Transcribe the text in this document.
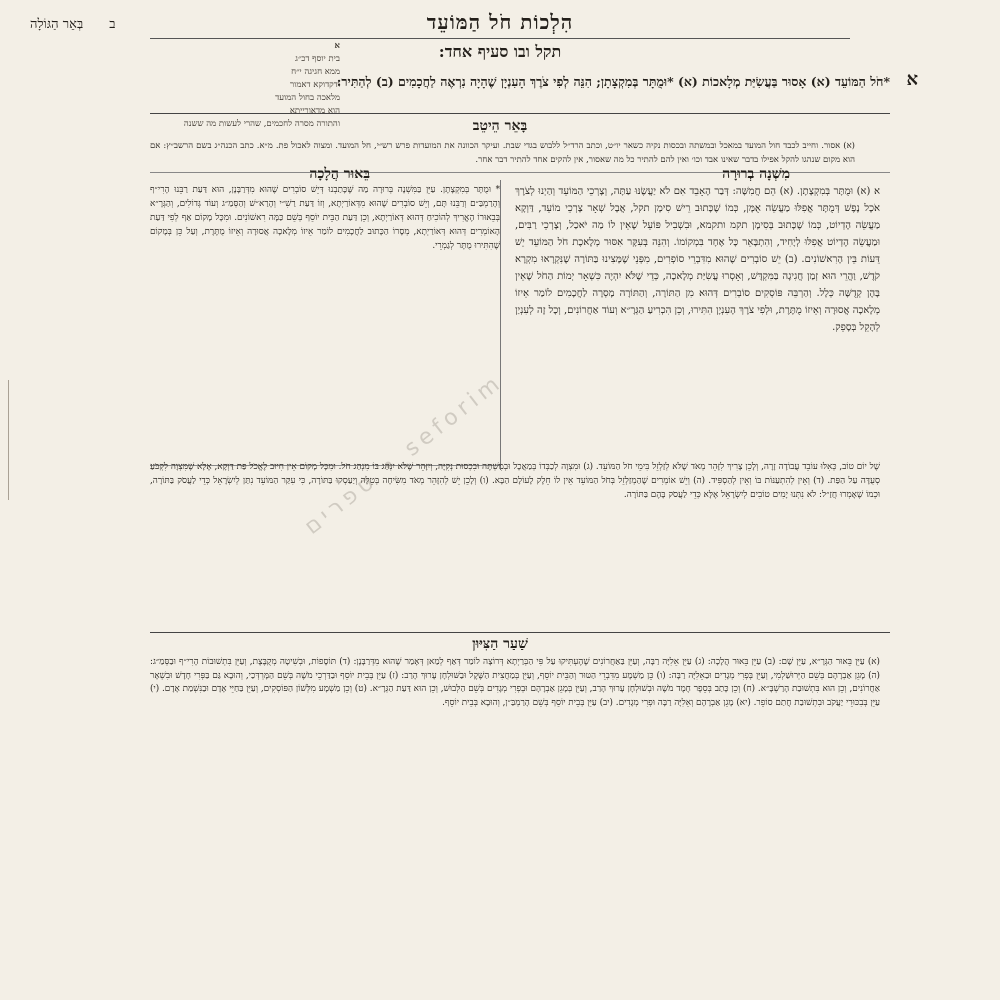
הִלְכוֹת חֹל הַמּוֹעֵד
ב
בְּאֵר הַגּוֹלָה
תקל ובו סעיף אחד:
א
בית יוסף דכ״ג
ממא חגיגה י״ח
ודקדוקא דאמור
מלאכה בחול המועד
הוא מדאורייתא
והתורה מסרה לחכמים, שהרי לעשות מה ששנה
א
*חֹל הַמּוֹעֵד (א) אָסוּר בַּעֲשִׂיַּת מְלָאכוֹת (א) *וּמֻתָּר בְּמִקְצָתָן; הִנֵּה לְפִי צֹרֶךְ הָעִנְיָן שֶׁהָיָה נִרְאֶה לַחֲכָמִים (ב) לְהַתִּיר:
בָּאֵר הֵיטֵב
(א) אסור. וחייב לכבד חול המועד במאכל ובמשתה ובכסות נקיה כשאר יו״ט, וכתב הרד״ל ללבוש בגדי שבת. ועיקר הכוונה את המועדות פרש רש״י, חל המועד. ומצוה לאכול פת. מ״א. כתב הכנה״ג בשם הרשב״ץ: אם הוא מקום שנהגו להקל אפילו בדבר שאינו אבד וכו׳ ואין להם להתיר כל מה שאסור, אין להקים אחד להתיר דבר אחר.
מִשְׁנָה בְרוּרָה
בֵּאוּר הֲלָכָה
א (א) וּמֻתָּר בְּמִקְצָתָן. (א) הֵם חֲמִשָּׁה: דְּבַר הָאָבֵד אִם לֹא יַעֲשֶׂנּוּ עַתָּה, וְצָרְכֵי הַמּוֹעֵד וְהַיְנוּ לְצֹרֶךְ אֹכֶל נֶפֶשׁ דְּמֻתָּר אֲפִלּוּ מַעֲשֵׂה אֻמָּן, כְּמוֹ שֶׁכָּתוּב רֵישׁ סִימָן תקל, אֲבָל שְׁאָר צָרְכֵי מוֹעֵד, דַּוְקָא מַעֲשֵׂה הֶדְיוֹט, כְּמוֹ שֶׁכָּתוּב בְּסִימָן תקמ ותקמא, וּבִשְׁבִיל פּוֹעֵל שֶׁאֵין לוֹ מַה יֹּאכַל, וְצָרְכֵי רַבִּים, וּמַעֲשֵׂה הֶדְיוֹט אֲפִלּוּ לְיָחִיד, וְהִתְבָּאֵר כָּל אֶחָד בִּמְקוֹמוֹ. וְהִנֵּה בְּעִקָּר אִסּוּר מְלֶאכֶת חֹל הַמּוֹעֵד יֵשׁ דֵּעוֹת בֵּין הָרִאשׁוֹנִים. (ב) יֵשׁ סוֹבְרִים שֶׁהוּא מִדִּבְרֵי סוֹפְרִים, מִפְּנֵי שֶׁמָּצִינוּ בַּתּוֹרָה שֶׁנִּקְרָאוּ מִקְרָא קֹדֶשׁ, וַהֲרֵי הוּא זְמַן חֲגִיגָה בַּמִּקְדָּשׁ, וְאָסְרוּ עֲשִׂיַּת מְלָאכָה, כְּדֵי שֶׁלֹּא יִהְיֶה כִּשְׁאָר יְמוֹת הַחֹל שֶׁאֵין בָּהֶן קְדֻשָּׁה כְּלָל. וְהַרְבֵּה פּוֹסְקִים סוֹבְרִים דְּהוּא מִן הַתּוֹרָה, וְהַתּוֹרָה מָסְרָה לַחֲכָמִים לוֹמַר אֵיזוֹ מְלָאכָה אֲסוּרָה וְאֵיזוֹ מֻתֶּרֶת, וּלְפִי צֹרֶךְ הָעִנְיָן הִתִּירוּ, וְכֵן הִכְרִיעַ הַגְּרָ״א וְעוֹד אַחֲרוֹנִים, וְכָל זֶה לְעִנְיַן לְהָקֵל בְּסָפֵק.
* וּמֻתָּר בְּמִקְצָתָן. עַיֵּן בַּמִּשְׁנָה בְּרוּרָה מַה שֶּׁכָּתַבְנוּ דְּיֵשׁ סוֹבְרִים שֶׁהוּא מִדְּרַבָּנָן, הוּא דַּעַת רַבֵּנוּ הָרִי״ף וְהָרַמְבַּ״ם וְרַבֵּנוּ תָּם, וְיֵשׁ סוֹבְרִים שֶׁהוּא מִדְּאוֹרַיְתָא, וְזוֹ דַּעַת רַשִׁ״י וְהָרַא״שׁ וְהַסְּמַ״ג וְעוֹד גְּדוֹלִים, וְהַגְּרָ״א בְּבֵאוּרוֹ הֶאֱרִיךְ לְהוֹכִיחַ דְּהוּא דְּאוֹרַיְתָא, וְכֵן דַּעַת הַבֵּית יוֹסֵף בְּשֵׁם כַּמָּה רִאשׁוֹנִים. וּמִכָּל מָקוֹם אַף לְפִי דַּעַת הָאוֹמְרִים דְּהוּא דְּאוֹרַיְתָא, מְסָרוֹ הַכָּתוּב לַחֲכָמִים לוֹמַר אֵיזוֹ מְלָאכָה אֲסוּרָה וְאֵיזוֹ מֻתֶּרֶת, וְעַל כֵּן בְּמָקוֹם שֶׁהִתִּירוּ מֻתָּר לְגַמְרֵי.
שֶׁל יוֹם טוֹב, כְּאִלּוּ עוֹבֵד עֲבוֹדָה זָרָה, וְלָכֵן צָרִיךְ לִזָּהֵר מְאֹד שֶׁלֹּא לְזַלְזֵל בִּימֵי חֹל הַמּוֹעֵד. (ג) וּמִצְוָה לְכַבְּדוֹ בְּמַאֲכָל וּבְמִשְׁתֶּה וּבִכְסוּת נְקִיָּה, וְיִזָּהֵר שֶׁלֹּא יִנְהַג בּוֹ מִנְהַג חֹל. וּמִכָּל מָקוֹם אֵין חִיּוּב לֶאֱכֹל פַּת דַּוְקָא, אֶלָּא שֶׁמִּצְוָה לִקְבֹּעַ סְעֻדָּה עַל הַפַּת. (ד) וְאֵין לְהִתְעַנּוֹת בּוֹ וְאֵין לְהַסְפִּיד. (ה) וְיֵשׁ אוֹמְרִים שֶׁהַמְזַלְזֵל בְּחֹל הַמּוֹעֵד אֵין לוֹ חֵלֶק לָעוֹלָם הַבָּא. (ו) וְלָכֵן יֵשׁ לְהִזָּהֵר מְאֹד מִשִּׂיחָה בְּטֵלָה וְיַעַסְקוּ בַּתּוֹרָה, כִּי עִקַּר הַמּוֹעֵד נִתַּן לְיִשְׂרָאֵל כְּדֵי לַעֲסֹק בַּתּוֹרָה, וּכְמוֹ שֶׁאָמְרוּ חֲזַ״ל: לֹא נִתְּנוּ יָמִים טוֹבִים לְיִשְׂרָאֵל אֶלָּא כְּדֵי לַעֲסֹק בָּהֶם בַּתּוֹרָה.
שַׁעַר הַצִּיּוּן
(א) עַיֵּן בֵּאוּר הַגְּרָ״א, עַיֵּן שָׁם: (ב) עַיֵּן בֵּאוּר הֲלָכָה: (ג) עַיֵּן אֵלִיָּה רַבָּה, וְעַיֵּן בַּאַחֲרוֹנִים שֶׁהֶעְתִּיקוּ עַל פִּי הַבְּרַיְתָא דְּרוֹצָה לוֹמַר דְּאַף לְמַאן דְּאָמַר שֶׁהוּא מִדְּרַבָּנָן: (ד) תּוֹסָפוֹת, וּבְשִׁיטָה מְקֻבֶּצֶת, וְעַיֵּן בִּתְשׁוּבוֹת הָרִי״ף וּבַסְּמַ״ג: (ה) מָגֵן אַבְרָהָם בְּשֵׁם הַיְּרוּשַׁלְמִי, וְעַיֵּן בְּפְרִי מְגָדִים וּבַאֵלִיָּה רַבָּה: (ו) כֵּן מַשְׁמָע מִדִּבְרֵי הַטּוּר וְהַבֵּית יוֹסֵף, וְעַיֵּן בְּמַחֲצִית הַשֶּׁקֶל וּבַשּׁוּלְחָן עָרוּךְ הָרַב: (ז) עַיֵּן בְּבֵית יוֹסֵף וּבַדַּרְכֵי מֹשֶׁה בְּשֵׁם הַמָּרְדְּכַי, וְהוּבָא גַּם בַּפְּרִי חָדָשׁ וּבִשְׁאָר אַחֲרוֹנִים, וְכֵן הוּא בִּתְשׁוּבַת הָרַשְׁבָּ״א. (ח) וְכֵן כָּתַב בְּסֵפֶר חֶמֶד מֹשֶׁה וּבְשׁוּלְחָן עָרוּךְ הָרַב, וְעַיֵּן בְּמָגֵן אַבְרָהָם וּבְפְרִי מְגָדִים בְּשֵׁם הַלְּבוּשׁ, וְכֵן הוּא דַּעַת הַגְּרָ״א. (ט) וְכֵן מַשְׁמָע מִלְּשׁוֹן הַפּוֹסְקִים, וְעַיֵּן בַּחַיֵּי אָדָם וּבַנִּשְׁמַת אָדָם. (י) עַיֵּן בְּבִכּוּרֵי יַעֲקֹב וּבִתְשׁוּבַת חֲתַם סוֹפֵר. (יא) מָגֵן אַבְרָהָם וְאֵלִיָּה רַבָּה וּפְרִי מְגָדִים. (יב) עַיֵּן בְּבֵית יוֹסֵף בְּשֵׁם הָרַמְבַּ״ן, וְהוּבָא בְּבֵית יוֹסֵף.
ספרים • seforim
